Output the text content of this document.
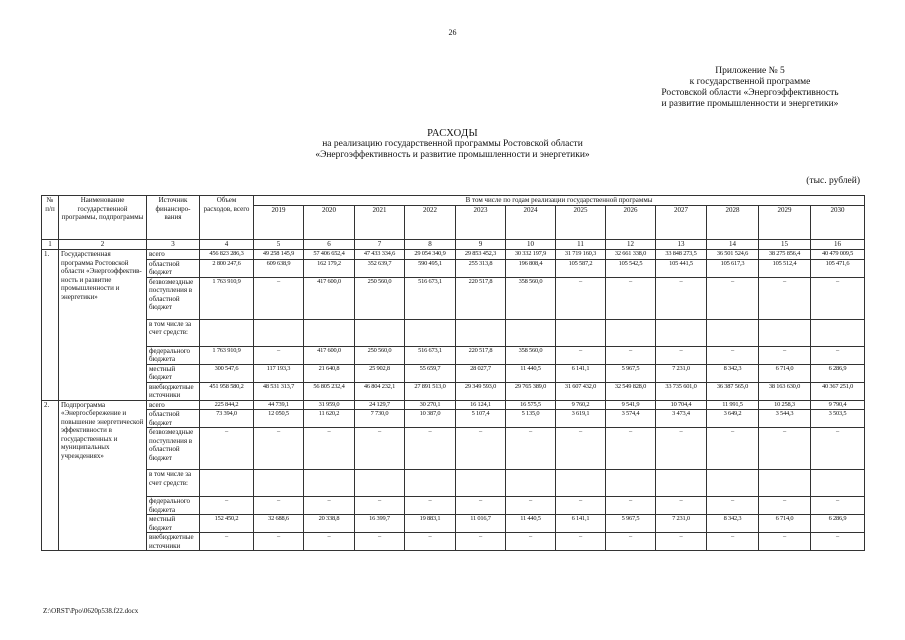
26
Приложение № 5
к государственной программе
Ростовской области «Энергоэффективность
и развитие промышленности и энергетики»
РАСХОДЫ
на реализацию государственной программы Ростовской области
«Энергоэффективность и развитие промышленности и энергетики»
(тыс. рублей)
№ п/п	Наименование государственной программы, подпрограммы	Источник финансиро-вания	Объем расходов, всего	В том числе по годам реализации государственной программы											
				2019	2020	2021	2022	2023	2024	2025	2026	2027	2028	2029	2030
1	2	3	4	5	6	7	8	9	10	11	12	13	14	15	16
1.	Государственная программа Ростовской области «Энергоэффектив-ность и развитие промышленности и энергетики»	всего	456 823 286,3	49 258 145,9	57 406 652,4	47 433 334,6	29 054 340,9	29 853 452,3	30 332 197,9	31 719 160,3	32 661 338,0	33 848 273,5	36 501 524,6	38 275 856,4	40 479 009,5
		областной бюджет	2 800 247,6	609 638,9	162 179,2	352 639,7	590 495,1	255 313,8	196 808,4	105 587,2	105 542,5	105 441,5	105 617,3	105 512,4	105 471,6
		безвозмездные поступления в областной бюджет	1 763 910,9	–	417 600,0	250 560,0	516 673,1	220 517,8	358 560,0	–	–	–	–	–	–
		в том числе за счет средств:													
		федерального бюджета	1 763 910,9	–	417 600,0	250 560,0	516 673,1	220 517,8	358 560,0	–	–	–	–	–	–
		местный бюджет	300 547,6	117 193,3	21 640,8	25 902,8	55 659,7	28 027,7	11 440,5	6 141,1	5 967,5	7 231,0	8 342,3	6 714,0	6 286,9
		внебюджетные источники	451 958 580,2	48 531 313,7	56 805 232,4	46 804 232,1	27 891 513,0	29 349 593,0	29 765 389,0	31 607 432,0	32 549 828,0	33 735 601,0	36 387 565,0	38 163 630,0	40 367 251,0
2.	Подпрограмма «Энергосбережение и повышение энергетической эффективности в государственных и муниципальных учреждениях»	всего	225 844,2	44 739,1	31 959,0	24 129,7	30 270,1	16 124,1	16 575,5	9 760,2	9 541,9	10 704,4	11 991,5	10 258,3	9 790,4
		областной бюджет	73 394,0	12 050,5	11 620,2	7 730,0	10 387,0	5 107,4	5 135,0	3 619,1	3 574,4	3 473,4	3 649,2	3 544,3	3 503,5
		безвозмездные поступления в областной бюджет	–	–	–	–	–	–	–	–	–	–	–	–	–
		в том числе за счет средств:													
		федерального бюджета	–	–	–	–	–	–	–	–	–	–	–	–	–
		местный бюджет	152 450,2	32 688,6	20 338,8	16 399,7	19 883,1	11 016,7	11 440,5	6 141,1	5 967,5	7 231,0	8 342,3	6 714,0	6 286,9
		внебюджетные источники	–	–	–	–	–	–	–	–	–	–	–	–	–
Z:\ORST\Ppo\0620p538.f22.docx
